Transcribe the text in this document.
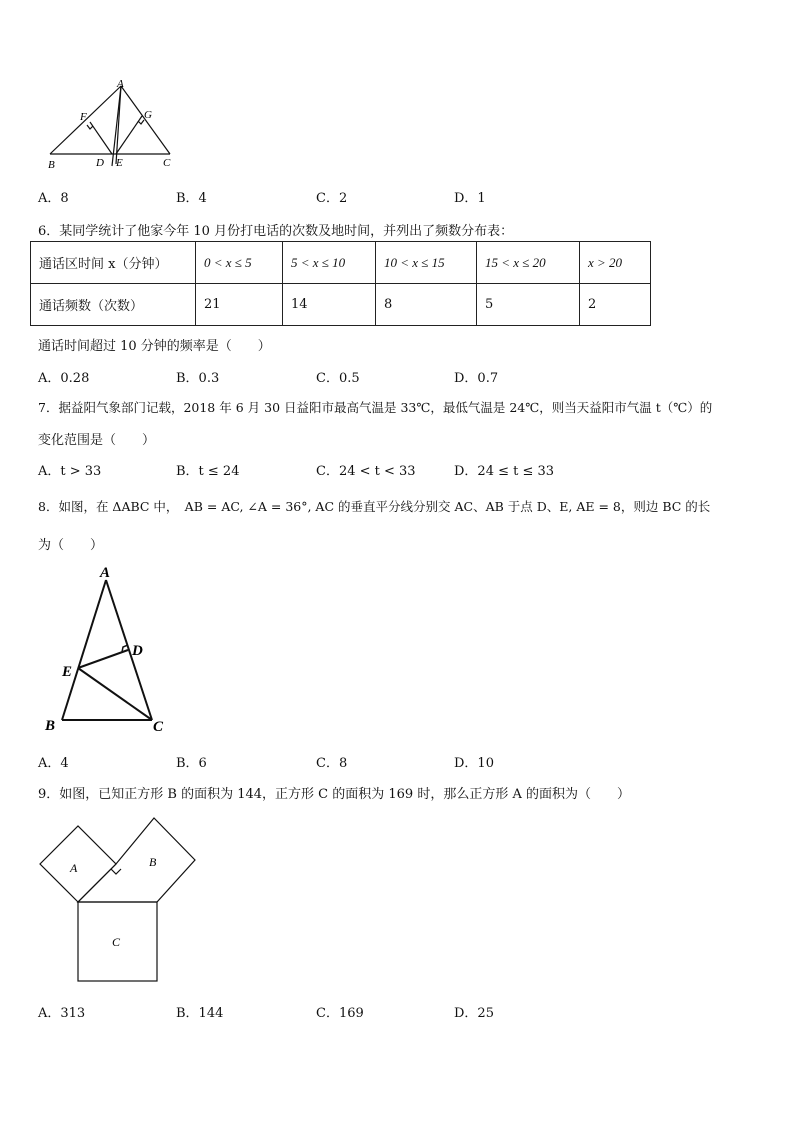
A
F	G
B	D E	C
A．8	B．4	C．2	D．1
6．某同学统计了他家今年 10 月份打电话的次数及地时间，并列出了频数分布表：
通话区时间 x（分钟）	0 < x ≤ 5	5 < x ≤ 10	10 < x ≤ 15	15 < x ≤ 20	x > 20
通话频数（次数）	21	14	8	5	2
通话时间超过 10 分钟的频率是（　　）
A．0.28	B．0.3	C．0.5	D．0.7
7．据益阳气象部门记载，2018 年 6 月 30 日益阳市最高气温是 33℃，最低气温是 24℃，则当天益阳市气温 t（℃）的
变化范围是（　　）
A．t > 33	B．t ≤ 24	C．24 < t < 33	D．24 ≤ t ≤ 33
8．如图，在 ΔABC 中，　AB = AC, ∠A = 36°, AC 的垂直平分线分别交 AC、AB 于点 D、E, AE = 8，则边 BC 的长
为（　　）
A
D
E
B	C
A．4	B．6	C．8	D．10
9．如图，已知正方形 B 的面积为 144，正方形 C 的面积为 169 时，那么正方形 A 的面积为（　　）
A	B
C
A．313	B．144	C．169	D．25
